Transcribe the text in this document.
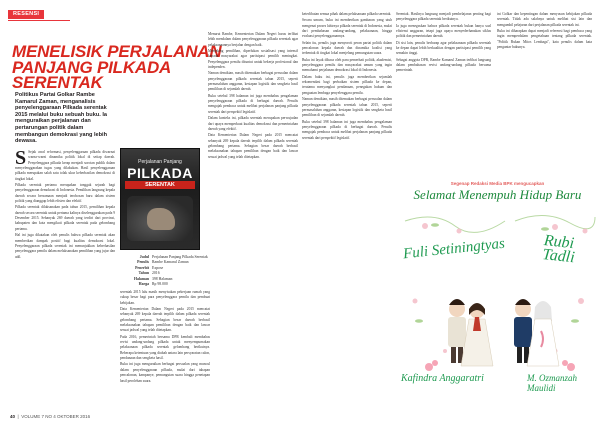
RESENSI
MENELISIK PERJALANAN
PANJANG PILKADA SERENTAK
Politikus Partai Golkar Rambe Kamarul Zaman, menganalisis penyelenggaraan Pilkada serentak 2015 melalui buku sebuah buku. Ia menguraikan perjalanan dan pertarungan politik dalam membangun demokrasi yang lebih dewasa.

S Sejak awal reformasi, penyelenggaraan pilkada diwarnai warna-warni dinamika politik lokal di setiap daerah. Penyelenggara pilkada kerap menjadi sorotan publik dalam menyelenggarakan tugas yang dilakukan. Hasil penyelenggaraan pilkada merupakan salah satu tolak ukur keberhasilan demokrasi di tingkat lokal.

Pilkada serentak pertama merupakan tonggak sejarah bagi penyelenggaraan demokrasi di Indonesia. Pemilihan langsung kepala daerah secara bersamaan menjadi terobosan baru dalam sistem politik yang dianggap lebih efisien dan efektif.

Pilkada serentak dilaksanakan pada tahun 2015, pemilihan kepala daerah secara serentak untuk pertama kalinya diselenggarakan pada 9 Desember 2015. Sebanyak 269 daerah yang terdiri dari provinsi, kabupaten dan kota mengikuti pilkada serentak pada gelombang pertama.

Hal ini juga dikatakan oleh penulis bahwa pilkada serentak akan memberikan dampak positif bagi kualitas demokrasi lokal. Penyelenggaraan pilkada serentak ini menunjukkan keberhasilan penyelenggara pemilu dalam melaksanakan pemilihan yang jujur dan adil.

Perjalanan Panjang
PILKADA
SERENTAK
Judul Perjalanan Panjang Pilkada Serentak
Penulis Rambe Kamarul Zaman
Penerbit Expose
Tahun 2016
Halaman 398 Halaman
Harga Rp 98.000

serentak 2015 lalu masih menyisakan pekerjaan rumah yang cukup besar bagi para penyelenggara pemilu dan pembuat kebijakan.

Data Kementerian Dalam Negeri pada 2015 mencatat sebanyak 269 kepala daerah terpilih dalam pilkada serentak gelombang pertama. Sebagian besar daerah berhasil melaksanakan tahapan pemilihan dengan baik dan lancar sesuai jadwal yang telah ditetapkan.

Pada 2016, pemerintah bersama DPR kembali membahas revisi undang-undang pilkada untuk menyempurnakan pelaksanaan pilkada serentak gelombang berikutnya. Beberapa ketentuan yang diubah antara lain persyaratan calon, pendanaan dan sengketa hasil.

Buku ini juga menguraikan berbagai persoalan yang muncul dalam penyelenggaraan pilkada, mulai dari tahapan pencalonan, kampanye, pemungutan suara hingga penetapan hasil perolehan suara.

Menurut Rambe, Kementerian Dalam Negeri harus terlibat lebih mendalam dalam penyelenggaraan pilkada serentak agar pelaksanaannya berjalan dengan baik.

Menjelang pemilihan, diperlukan sosialisasi yang intensif kepada masyarakat agar partisipasi pemilih meningkat. Penyelenggara pemilu dituntut untuk bekerja profesional dan independen.

Namun demikian, masih ditemukan berbagai persoalan dalam penyelenggaraan pilkada serentak tahun 2015, seperti permasalahan anggaran, kesiapan logistik dan sengketa hasil pemilihan di sejumlah daerah.

Buku setebal 398 halaman ini juga membahas pengalaman penyelenggaraan pilkada di berbagai daerah. Penulis mengajak pembaca untuk melihat perjalanan panjang pilkada serentak dari perspektif legislatif.

Dalam konteks ini, pilkada serentak merupakan perwujudan dari upaya memperkuat kualitas demokrasi dan pemerintahan daerah yang efektif.

Data Kementerian Dalam Negeri pada 2015 mencatat sebanyak 269 kepala daerah terpilih dalam pilkada serentak gelombang pertama. Sebagian besar daerah berhasil melaksanakan tahapan pemilihan dengan baik dan lancar sesuai jadwal yang telah ditetapkan.

keterlibatan semua pihak dalam pelaksanaan pilkada serentak.

Secara umum, buku ini memberikan gambaran yang utuh mengenai proses lahirnya pilkada serentak di Indonesia, mulai dari pembahasan undang-undang, pelaksanaan, hingga evaluasi penyelenggaraannya.

Selain itu, penulis juga menyoroti peran partai politik dalam pencalonan kepala daerah dan dinamika koalisi yang terbentuk di tingkat lokal menjelang pemungutan suara.

Buku ini layak dibaca oleh para pemerhati politik, akademisi, penyelenggara pemilu dan masyarakat umum yang ingin memahami perjalanan demokrasi lokal di Indonesia.

Dalam buku ini, penulis juga memberikan sejumlah rekomendasi bagi perbaikan sistem pilkada ke depan, terutama menyangkut pendanaan, penegakan hukum dan penguatan lembaga penyelenggara pemilu.

Namun demikian, masih ditemukan berbagai persoalan dalam penyelenggaraan pilkada serentak tahun 2015, seperti permasalahan anggaran, kesiapan logistik dan sengketa hasil pemilihan di sejumlah daerah.

Buku setebal 398 halaman ini juga membahas pengalaman penyelenggaraan pilkada di berbagai daerah. Penulis mengajak pembaca untuk melihat perjalanan panjang pilkada serentak dari perspektif legislatif.

Serentak. Hasilnya langsung menjadi pembelajaran penting bagi penyelenggara pilkada serentak berikutnya.

Ia juga menegaskan bahwa pilkada serentak bukan hanya soal efisiensi anggaran, tetapi juga upaya menyederhanakan siklus politik dan pemerintahan daerah.

Di sisi lain, penulis berharap agar pelaksanaan pilkada serentak ke depan dapat lebih berkualitas dengan partisipasi pemilih yang semakin tinggi.

Sebagai anggota DPR, Rambe Kamarul Zaman terlibat langsung dalam pembahasan revisi undang-undang pilkada bersama pemerintah.

ini Golkar dan kepentingan dalam menyusun kebijakan pilkada serentak. Tidak ada salahnya untuk melihat sisi lain dan mengambil pelajaran dari perjalanan pilkada serentak ini.

Buku ini diharapkan dapat menjadi referensi bagi pembaca yang ingin memperdalam pengetahuan tentang pilkada serentak. "Politik Bukan Mitos Lembaga", kata penulis dalam kata pengantar bukunya.

Segenap Redaksi Media BPK mengucapkan
Selamat Menempuh Hidup Baru
Fuli Setiningtyas Rubi Tadli
Kafindra Anggaratri	M. Ozmanzah Maulidi
40  |  VOLUME 7 NO 4 OKTOBER 2016
